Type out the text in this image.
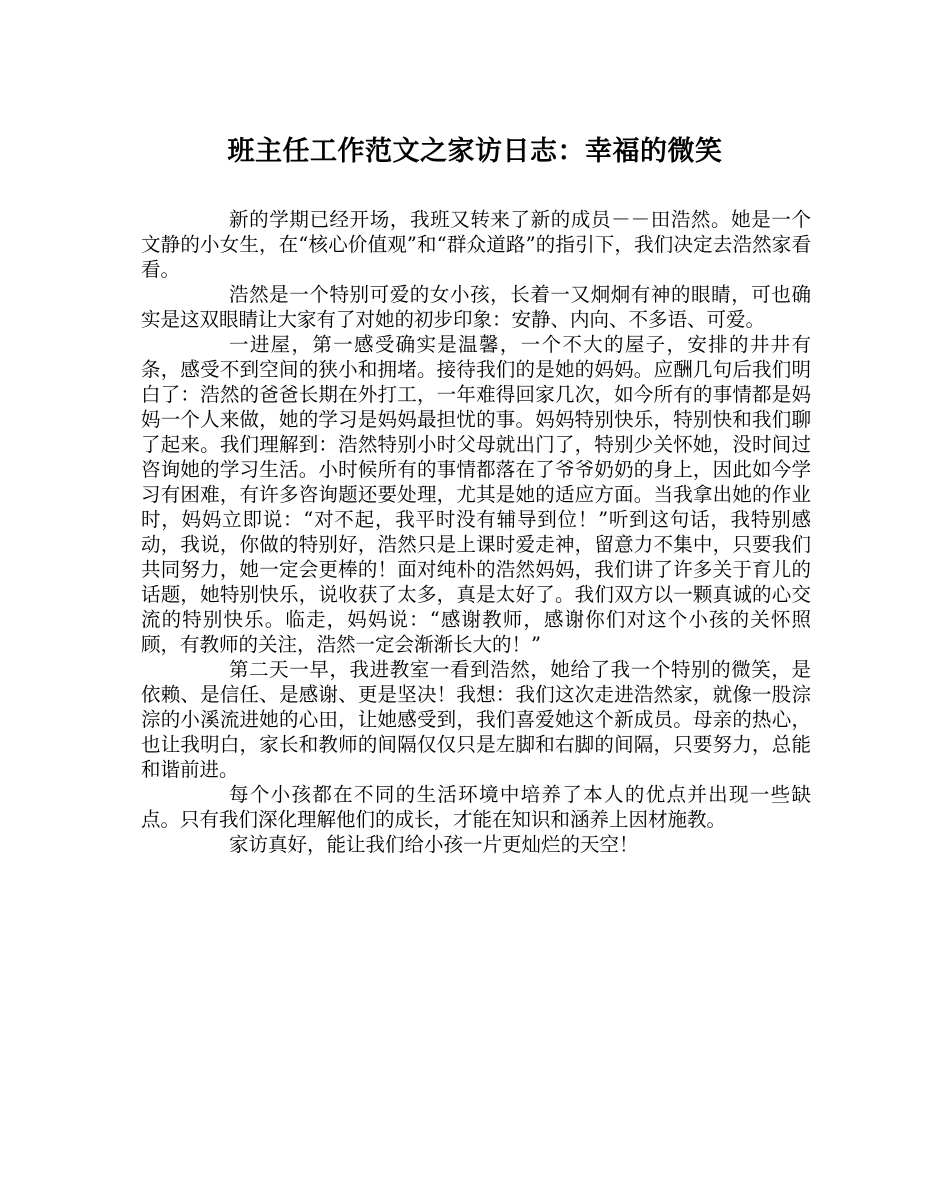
班主任工作范文之家访日志：幸福的微笑

新的学期已经开场，我班又转来了新的成员－－田浩然。她是一个文静的小女生，在“核心价值观”和“群众道路”的指引下，我们决定去浩然家看看。

浩然是一个特别可爱的女小孩，长着一又炯炯有神的眼睛，可也确实是这双眼睛让大家有了对她的初步印象：安静、内向、不多语、可爱。

一进屋，第一感受确实是温馨，一个不大的屋子，安排的井井有条，感受不到空间的狭小和拥堵。接待我们的是她的妈妈。应酬几句后我们明白了：浩然的爸爸长期在外打工，一年难得回家几次，如今所有的事情都是妈妈一个人来做，她的学习是妈妈最担忧的事。妈妈特别快乐，特别快和我们聊了起来。我们理解到：浩然特别小时父母就出门了，特别少关怀她，没时间过咨询她的学习生活。小时候所有的事情都落在了爷爷奶奶的身上，因此如今学习有困难，有许多咨询题还要处理，尤其是她的适应方面。当我拿出她的作业时，妈妈立即说：“对不起，我平时没有辅导到位！”听到这句话，我特别感动，我说，你做的特别好，浩然只是上课时爱走神，留意力不集中，只要我们共同努力，她一定会更棒的！面对纯朴的浩然妈妈，我们讲了许多关于育儿的话题，她特别快乐，说收获了太多，真是太好了。我们双方以一颗真诚的心交流的特别快乐。临走，妈妈说：“感谢教师，感谢你们对这个小孩的关怀照顾，有教师的关注，浩然一定会渐渐长大的！”

第二天一早，我进教室一看到浩然，她给了我一个特别的微笑，是依赖、是信任、是感谢、更是坚决！我想：我们这次走进浩然家，就像一股淙淙的小溪流进她的心田，让她感受到，我们喜爱她这个新成员。母亲的热心，也让我明白，家长和教师的间隔仅仅只是左脚和右脚的间隔，只要努力，总能和谐前进。

每个小孩都在不同的生活环境中培养了本人的优点并出现一些缺点。只有我们深化理解他们的成长，才能在知识和涵养上因材施教。

家访真好，能让我们给小孩一片更灿烂的天空！
